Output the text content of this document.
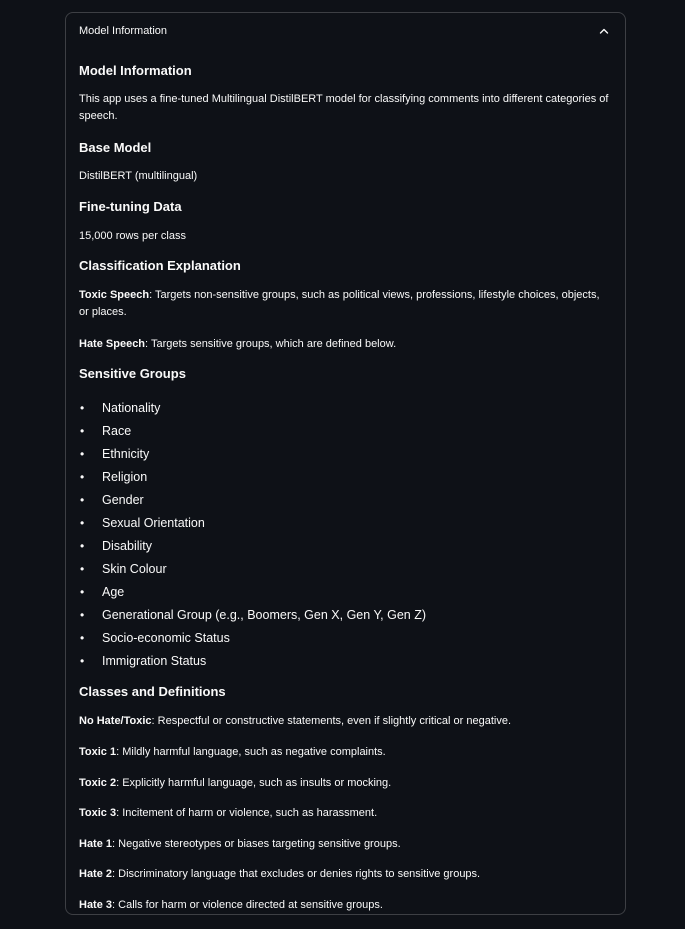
Model Information
Model Information

This app uses a fine-tuned Multilingual DistilBERT model for classifying comments into different categories of speech.

Base Model

DistilBERT (multilingual)

Fine-tuning Data

15,000 rows per class

Classification Explanation

Toxic Speech: Targets non-sensitive groups, such as political views, professions, lifestyle choices, objects, or places.

Hate Speech: Targets sensitive groups, which are defined below.

Sensitive Groups
• Nationality
• Race
• Ethnicity
• Religion
• Gender
• Sexual Orientation
• Disability
• Skin Colour
• Age
• Generational Group (e.g., Boomers, Gen X, Gen Y, Gen Z)
• Socio-economic Status
• Immigration Status
Classes and Definitions

No Hate/Toxic: Respectful or constructive statements, even if slightly critical or negative.

Toxic 1: Mildly harmful language, such as negative complaints.

Toxic 2: Explicitly harmful language, such as insults or mocking.

Toxic 3: Incitement of harm or violence, such as harassment.

Hate 1: Negative stereotypes or biases targeting sensitive groups.

Hate 2: Discriminatory language that excludes or denies rights to sensitive groups.

Hate 3: Calls for harm or violence directed at sensitive groups.
